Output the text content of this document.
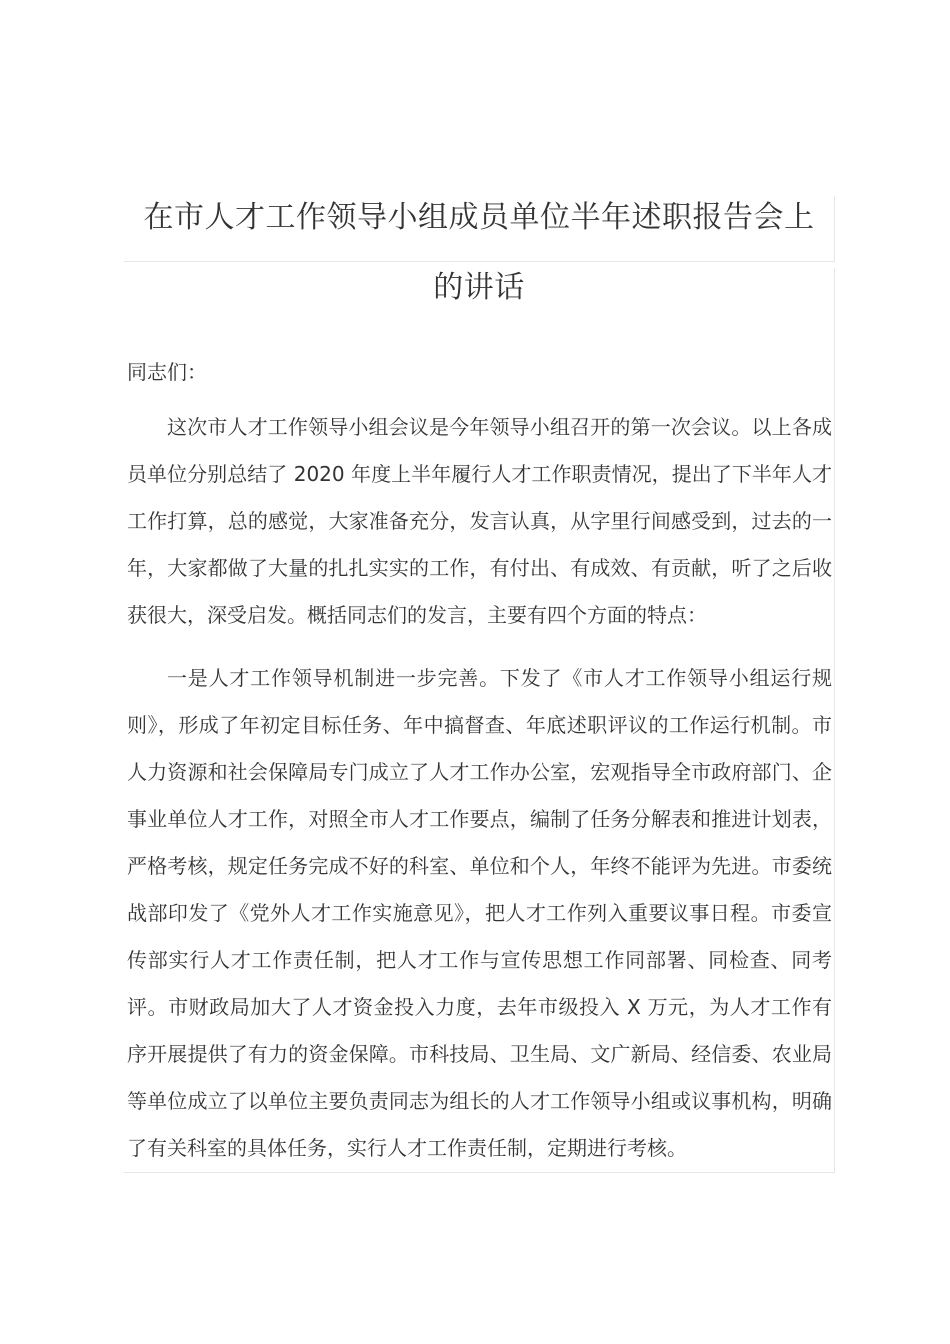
在市人才工作领导小组成员单位半年述职报告会上
的讲话
同志们：

这次市人才工作领导小组会议是今年领导小组召开的第一次会议。以上各成员单位分别总结了 2020 年度上半年履行人才工作职责情况，提出了下半年人才工作打算，总的感觉，大家准备充分，发言认真，从字里行间感受到，过去的一年，大家都做了大量的扎扎实实的工作，有付出、有成效、有贡献，听了之后收获很大，深受启发。概括同志们的发言，主要有四个方面的特点：

一是人才工作领导机制进一步完善。下发了《市人才工作领导小组运行规则》，形成了年初定目标任务、年中搞督查、年底述职评议的工作运行机制。市人力资源和社会保障局专门成立了人才工作办公室，宏观指导全市政府部门、企事业单位人才工作，对照全市人才工作要点，编制了任务分解表和推进计划表，严格考核，规定任务完成不好的科室、单位和个人，年终不能评为先进。市委统战部印发了《党外人才工作实施意见》，把人才工作列入重要议事日程。市委宣传部实行人才工作责任制，把人才工作与宣传思想工作同部署、同检查、同考评。市财政局加大了人才资金投入力度，去年市级投入 X 万元，为人才工作有序开展提供了有力的资金保障。市科技局、卫生局、文广新局、经信委、农业局等单位成立了以单位主要负责同志为组长的人才工作领导小组或议事机构，明确了有关科室的具体任务，实行人才工作责任制，定期进行考核。
